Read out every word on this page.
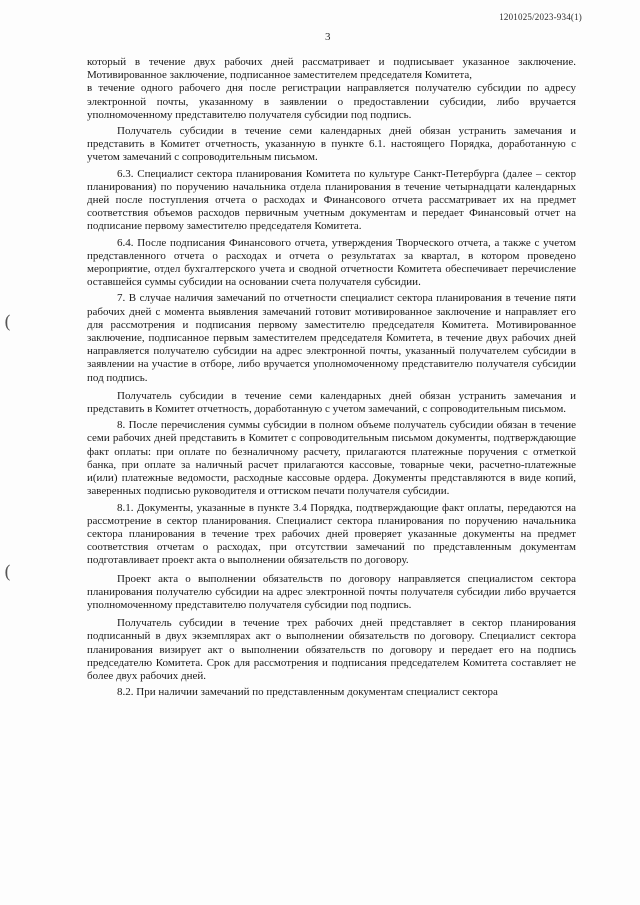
1201025/2023-934(1)
3
(
(

который в течение двух рабочих дней рассматривает и подписывает указанное заключение. Мотивированное заключение, подписанное заместителем председателя Комитета,

в течение одного рабочего дня после регистрации направляется получателю субсидии по адресу электронной почты, указанному в заявлении о предоставлении субсидии, либо вручается уполномоченному представителю получателя субсидии под подпись.

Получатель субсидии в течение семи календарных дней обязан устранить замечания и представить в Комитет отчетность, указанную в пункте 6.1. настоящего Порядка, доработанную с учетом замечаний с сопроводительным письмом.

6.3. Специалист сектора планирования Комитета по культуре Санкт-Петербурга (далее – сектор планирования) по поручению начальника отдела планирования в течение четырнадцати календарных дней после поступления отчета о расходах и Финансового отчета рассматривает их на предмет соответствия объемов расходов первичным учетным документам и передает Финансовый отчет на подписание первому заместителю председателя Комитета.

6.4. После подписания Финансового отчета, утверждения Творческого отчета, а также с учетом представленного отчета о расходах и отчета о результатах за квартал, в котором проведено мероприятие, отдел бухгалтерского учета и сводной отчетности Комитета обеспечивает перечисление оставшейся суммы субсидии на основании счета получателя субсидии.

7. В случае наличия замечаний по отчетности специалист сектора планирования в течение пяти рабочих дней с момента выявления замечаний готовит мотивированное заключение и направляет его для рассмотрения и подписания первому заместителю председателя Комитета. Мотивированное заключение, подписанное первым заместителем председателя Комитета, в течение двух рабочих дней направляется получателю субсидии на адрес электронной почты, указанный получателем субсидии в заявлении на участие в отборе, либо вручается уполномоченному представителю получателя субсидии под подпись.

Получатель субсидии в течение семи календарных дней обязан устранить замечания и представить в Комитет отчетность, доработанную с учетом замечаний, с сопроводительным письмом.

8. После перечисления суммы субсидии в полном объеме получатель субсидии обязан в течение семи рабочих дней представить в Комитет с сопроводительным письмом документы, подтверждающие факт оплаты: при оплате по безналичному расчету, прилагаются платежные поручения с отметкой банка, при оплате за наличный расчет прилагаются кассовые, товарные чеки, расчетно-платежные и(или) платежные ведомости, расходные кассовые ордера. Документы представляются в виде копий, заверенных подписью руководителя и оттиском печати получателя субсидии.

8.1. Документы, указанные в пункте 3.4 Порядка, подтверждающие факт оплаты, передаются на рассмотрение в сектор планирования. Специалист сектора планирования по поручению начальника сектора планирования в течение трех рабочих дней проверяет указанные документы на предмет соответствия отчетам о расходах, при отсутствии замечаний по представленным документам подготавливает проект акта о выполнении обязательств по договору.

Проект акта о выполнении обязательств по договору направляется специалистом сектора планирования получателю субсидии на адрес электронной почты получателя субсидии либо вручается уполномоченному представителю получателя субсидии под подпись.

Получатель субсидии в течение трех рабочих дней представляет в сектор планирования подписанный в двух экземплярах акт о выполнении обязательств по договору. Специалист сектора планирования визирует акт о выполнении обязательств по договору и передает его на подпись председателю Комитета. Срок для рассмотрения и подписания председателем Комитета составляет не более двух рабочих дней.

8.2. При наличии замечаний по представленным документам специалист сектора
